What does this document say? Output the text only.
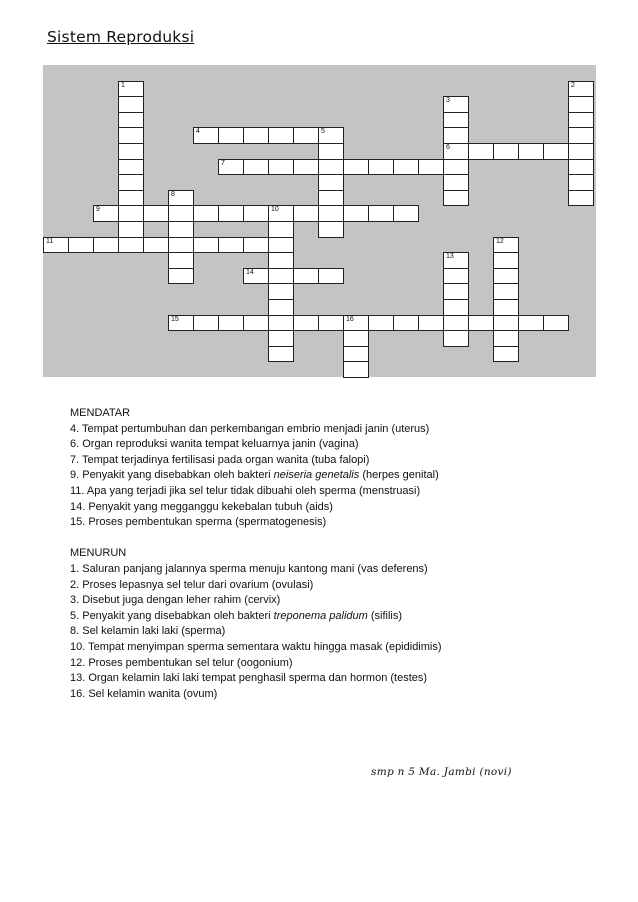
Sistem Reproduksi
1	2
3
6
4	5
7
8
9	10
11	12
13
14
15	16

MENDATAR

4. Tempat pertumbuhan dan perkembangan embrio menjadi janin (uterus)

6. Organ reproduksi wanita tempat keluarnya janin (vagina)

7. Tempat terjadinya fertilisasi pada organ wanita (tuba falopi)

9. Penyakit yang disebabkan oleh bakteri neiseria genetalis (herpes genital)

11. Apa yang terjadi jika sel telur tidak dibuahi oleh sperma (menstruasi)

14. Penyakit yang megganggu kekebalan tubuh (aids)

15. Proses pembentukan sperma (spermatogenesis)

MENURUN

1. Saluran panjang jalannya sperma menuju kantong mani (vas deferens)

2. Proses lepasnya sel telur dari ovarium (ovulasi)

3. Disebut juga dengan leher rahim (cervix)

5. Penyakit yang disebabkan oleh bakteri treponema palidum (sifilis)

8. Sel kelamin laki laki (sperma)

10. Tempat menyimpan sperma sementara waktu hingga masak (epididimis)

12. Proses pembentukan sel telur (oogonium)

13. Organ kelamin laki laki tempat penghasil sperma dan hormon (testes)

16. Sel kelamin wanita (ovum)

smp n 5 Ma. Jambi (novi)
